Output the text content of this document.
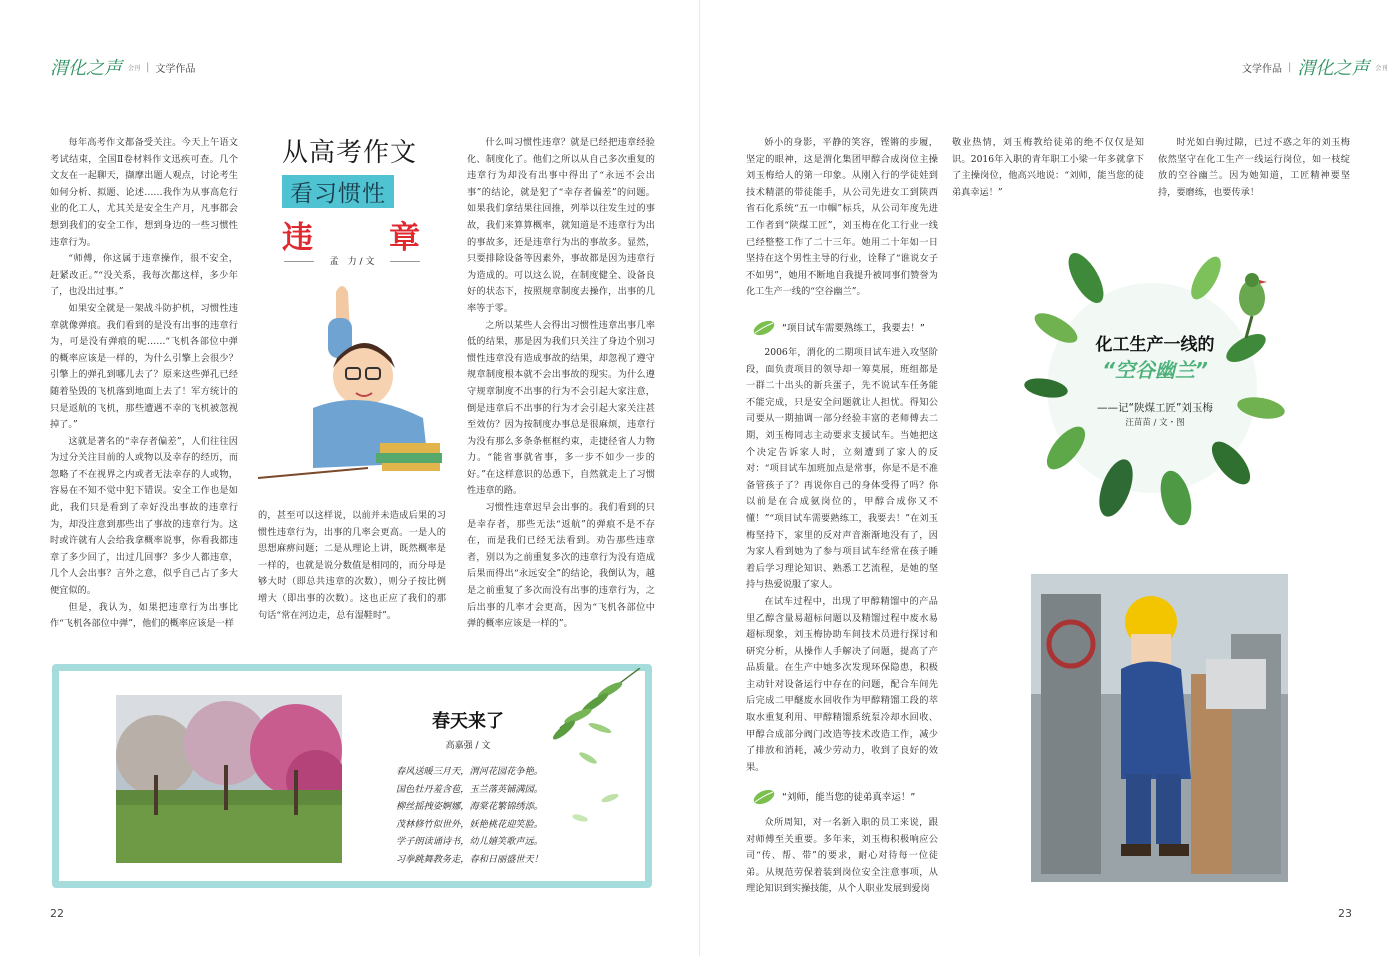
渭化之声 会刊 | 文学作品

每年高考作文都备受关注。今天上午语文考试结束，全国Ⅱ卷材料作文迅疾可查。几个文友在一起聊天，撷摩出题人观点，讨论考生如何分析、拟题、论述……我作为从事高危行业的化工人，尤其关是安全生产月，凡事都会想到我们的安全工作，想到身边的一些习惯性违章行为。

“师傅，你这属于违章操作，很不安全，赶紧改正。”“没关系，我每次都这样，多少年了，也没出过事。”

如果安全就是一架战斗防护机，习惯性违章就像弹痕。我们看到的是没有出事的违章行为，可是没有弹痕的呢……“飞机各部位中弹的概率应该是一样的，为什么引擎上会很少？引擎上的弹孔到哪儿去了？原来这些弹孔已经随着坠毁的飞机落到地面上去了！军方统计的只是返航的飞机，那些遭遇不幸的飞机被忽视掉了。”

这就是著名的“幸存者偏差”，人们往往因为过分关注目前的人或物以及幸存的经历，而忽略了不在视界之内或者无法幸存的人或物，容易在不知不觉中犯下错误。安全工作也是如此，我们只是看到了幸好没出事故的违章行为，却没注意到那些出了事故的违章行为。这时或许就有人会给我拿概率说事，你看我都违章了多少回了，出过几回事？多少人都违章，几个人会出事？言外之意，似乎自己占了多大便宜似的。

但是，我认为，如果把违章行为出事比作“飞机各部位中弹”，他们的概率应该是一样

从高考作文
看习惯性
违 章
孟　力 / 文

的，甚至可以这样说，以前并未造成后果的习惯性违章行为，出事的几率会更高。一是人的思想麻痹问题；二是从理论上讲，既然概率是一样的，也就是说分数值是相同的，而分母是够大时（即总共违章的次数），则分子按比例增大（即出事的次数）。这也正应了我们的那句话“常在河边走，总有湿鞋时”。

什么叫习惯性违章？就是已经把违章经验化、制度化了。他们之所以从自己多次重复的违章行为却没有出事中得出了“永远不会出事”的结论，就是犯了“幸存者偏差”的问题。如果我们拿结果往回推，列举以往发生过的事故，我们来算算概率，就知道是不违章行为出的事故多，还是违章行为出的事故多。显然，只要排除设备等因素外，事故都是因为违章行为造成的。可以这么说，在制度健全、设备良好的状态下，按照规章制度去操作，出事的几率等于零。

之所以某些人会得出习惯性违章出事几率低的结果，那是因为我们只关注了身边个别习惯性违章没有造成事故的结果，却忽视了遵守规章制度根本就不会出事故的现实。为什么遵守规章制度不出事的行为不会引起大家注意，倒是违章后不出事的行为才会引起大家关注甚至效仿？因为按制度办事总是很麻烦，违章行为没有那么多条条框框约束，走捷径省人力物力。“能省事就省事，多一步不如少一步的好。”在这样意识的怂恿下，自然就走上了习惯性违章的路。

习惯性违章迟早会出事的。我们看到的只是幸存者，那些无法“返航”的弹痕不是不存在，而是我们已经无法看到。劝告那些违章者，别以为之前重复多次的违章行为没有造成后果而得出“永远安全”的结论，我倒认为，越是之前重复了多次而没有出事的违章行为，之后出事的几率才会更高，因为“飞机各部位中弹的概率应该是一样的”。

春天来了
高嘉强 / 文
春风送暖三月天，渭河花园花争艳。
国色牡丹羞含苞，玉兰落英铺满园。
柳丝摇拽姿婀娜，海棠花繁锦绣添。
茂林修竹似世外，妖艳桃花迎笑脸。
学子朗读诵诗书，幼儿嬉笑歌声远。
习拳跳舞教务走，春和日丽盛世天！
22
文学作品 | 渭化之声 会刊
23

娇小的身影，平静的笑容，铿锵的步履，坚定的眼神，这是渭化集团甲醇合成岗位主操刘玉梅给人的第一印象。从刚入行的学徒娃到技术精湛的带徒能手，从公司先进女工到陕西省石化系统“五一巾帼”标兵，从公司年度先进工作者到“陕煤工匠”，刘玉梅在化工行业一线已经整整工作了二十三年。她用二十年如一日坚持在这个男性主导的行业，诠释了“谁说女子不如男”，她用不断地自我提升被同事们赞誉为化工生产一线的“空谷幽兰”。

“项目试车需要熟练工，我要去！”

2006年，渭化的二期项目试车进入攻坚阶段，面负责项目的领导却一筹莫展，班组都是一群二十出头的新兵蛋子，先不说试车任务能不能完成，只是安全问题就让人担忧。得知公司要从一期抽调一部分经验丰富的老师傅去二期，刘玉梅同志主动要求支援试车。当她把这个决定告诉家人时，立刻遭到了家人的反对：“项目试车加班加点是常事，你是不是不准备管孩子了？再说你自己的身体受得了吗？你以前是在合成氨岗位的，甲醇合成你又不懂！”“项目试车需要熟练工，我要去！”在刘玉梅坚持下，家里的反对声音渐渐地没有了，因为家人看到她为了参与项目试车经常在孩子睡着后学习理论知识、熟悉工艺流程，是她的坚持与热爱说服了家人。

在试车过程中，出现了甲醇精馏中的产品里乙醇含量易超标问题以及精馏过程中废水易超标现象，刘玉梅协助车间技术员进行探讨和研究分析，从操作人手解决了问题，提高了产品质量。在生产中她多次发现环保隐患，积极主动针对设备运行中存在的问题，配合车间先后完成二甲醚废水回收作为甲醇精馏工段的萃取水重复利用、甲醇精馏系统泵冷却水回收、甲醇合成部分阀门改造等技术改造工作，减少了排放和消耗，减少劳动力，收到了良好的效果。

“刘师，能当您的徒弟真幸运！”

众所周知，对一名新入职的员工来说，跟对师傅至关重要。多年来，刘玉梅积极响应公司“传、帮、带”的要求，耐心对待每一位徒弟。从规范劳保着装到岗位安全注意事项，从理论知识到实操技能，从个人职业发展到爱岗

敬业热情，刘玉梅教给徒弟的绝不仅仅是知识。2016年入职的青年职工小梁一年多就拿下了主操岗位，他高兴地说：“刘师，能当您的徒弟真幸运！”

时光如白驹过隙，已过不惑之年的刘玉梅依然坚守在化工生产一线运行岗位，如一枝绽放的空谷幽兰。因为她知道，工匠精神要坚持，要磨练，也要传承！

化工生产一线的
“空谷幽兰”
——记“陕煤工匠”刘玉梅
汪苗苗 / 文・图
